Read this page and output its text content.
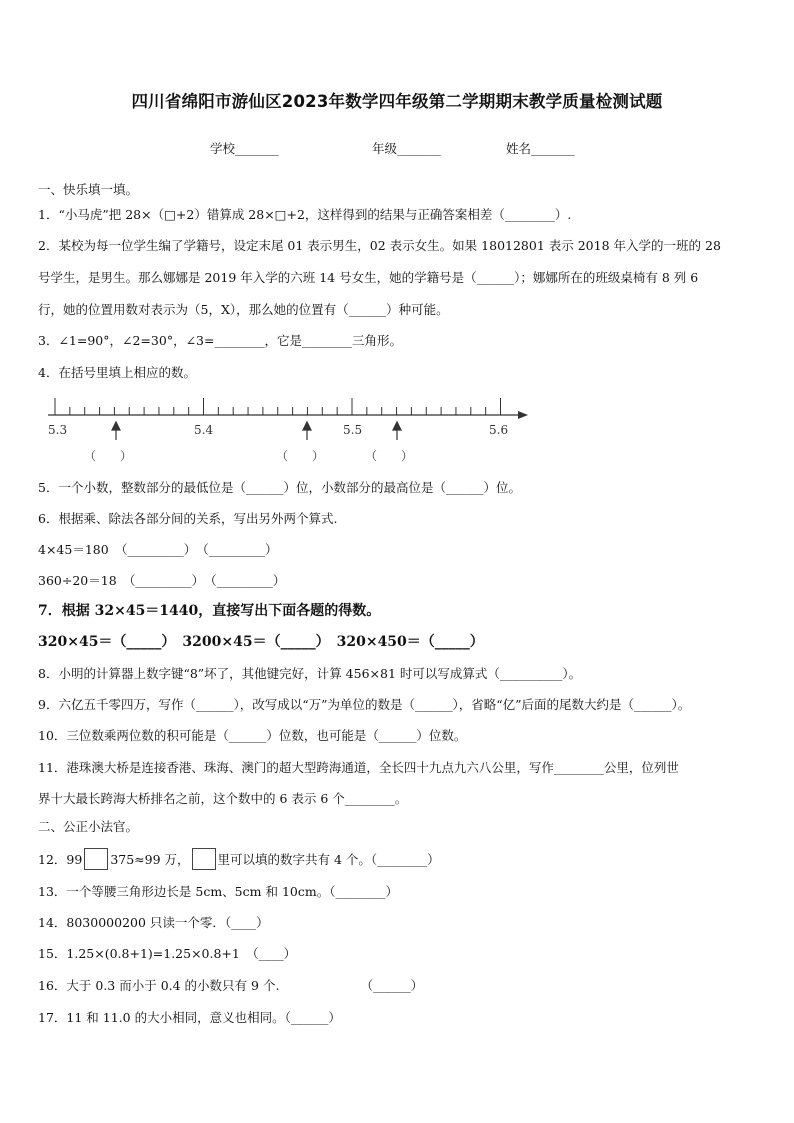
四川省绵阳市游仙区2023年数学四年级第二学期期末教学质量检测试题
学校_______	年级_______	姓名_______
一、快乐填一填。
1．“小马虎”把 28×（□+2）错算成 28×□+2，这样得到的结果与正确答案相差（________）.
2．某校为每一位学生编了学籍号，设定末尾 01 表示男生，02 表示女生。如果 18012801 表示 2018 年入学的一班的 28
号学生，是男生。那么娜娜是 2019 年入学的六班 14 号女生，她的学籍号是（______）；娜娜所在的班级桌椅有 8 列 6
行，她的位置用数对表示为（5，X），那么她的位置有（______）种可能。
3．∠1=90°，∠2=30°，∠3=________，它是________三角形。
4．在括号里填上相应的数。
5.3	5.4	5.5	5.6
（　　）	（　　）	（　　）
5．一个小数，整数部分的最低位是（______）位，小数部分的最高位是（______）位。
6．根据乘、除法各部分间的关系，写出另外两个算式.
4×45＝180　（_________）　（_________）
360÷20＝18　（_________）　（_________）
7．根据 32×45＝1440，直接写出下面各题的得数。
320×45＝（_____）　3200×45＝（_____）　320×450＝（_____）
8．小明的计算器上数字键“8”坏了，其他键完好，计算 456×81 时可以写成算式（__________）。
9．六亿五千零四万，写作（______），改写成以“万”为单位的数是（______），省略“亿”后面的尾数大约是（______）。
10．三位数乘两位数的积可能是（______）位数，也可能是（______）位数。
11．港珠澳大桥是连接香港、珠海、澳门的超大型跨海通道，全长四十九点九六八公里，写作________公里，位列世
界十大最长跨海大桥排名之前，这个数中的 6 表示 6 个________。
二、公正小法官。
12．99 375≈99 万， 里可以填的数字共有 4 个。（________）
13．一个等腰三角形边长是 5cm、5cm 和 10cm。（________）
14．8030000200 只读一个零．（____）
15．1.25×(0.8+1)=1.25×0.8+1　（____）
16．大于 0.3 而小于 0.4 的小数只有 9 个.　　　　　　　（______）
17．11 和 11.0 的大小相同，意义也相同。（______）
